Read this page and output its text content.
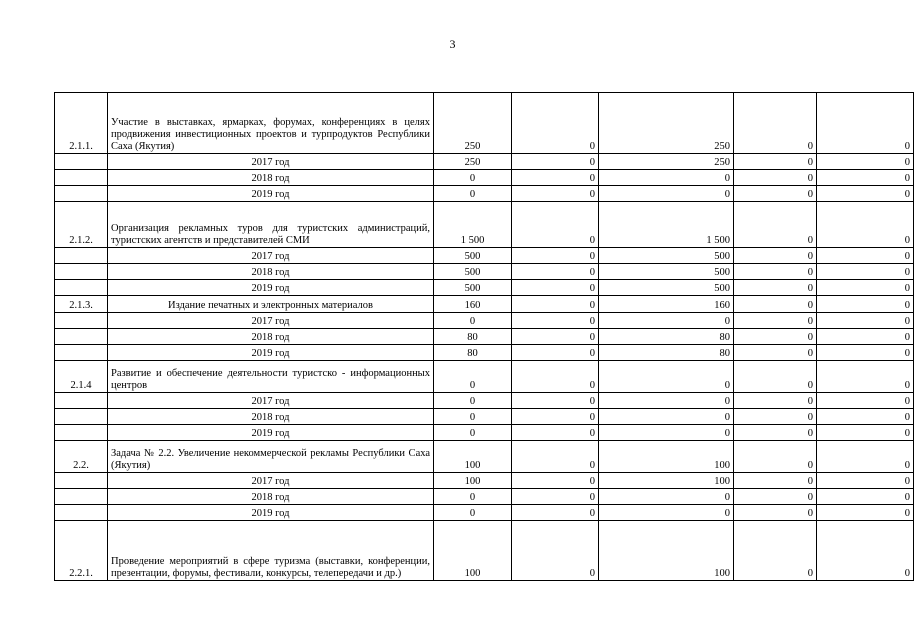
3
2.1.1.	Участие в выставках, ярмарках, форумах, конференциях в целях продвижения инвестиционных проектов и турпродуктов Республики Саха (Якутия)	250	0	250	0	0
	2017 год	250	0	250	0	0
	2018 год	0	0	0	0	0
	2019 год	0	0	0	0	0
2.1.2.	Организация рекламных туров для туристских администраций, туристских агентств и представителей СМИ	1 500	0	1 500	0	0
	2017 год	500	0	500	0	0
	2018 год	500	0	500	0	0
	2019 год	500	0	500	0	0
2.1.3.	Издание печатных и электронных материалов	160	0	160	0	0
	2017 год	0	0	0	0	0
	2018 год	80	0	80	0	0
	2019 год	80	0	80	0	0
2.1.4	Развитие и обеспечение деятельности туристско - информационных центров	0	0	0	0	0
	2017 год	0	0	0	0	0
	2018 год	0	0	0	0	0
	2019 год	0	0	0	0	0
2.2.	Задача № 2.2. Увеличение некоммерческой рекламы Республики Саха (Якутия)	100	0	100	0	0
	2017 год	100	0	100	0	0
	2018 год	0	0	0	0	0
	2019 год	0	0	0	0	0
2.2.1.	Проведение мероприятий в сфере туризма (выставки, конференции, презентации, форумы, фестивали, конкурсы, телепередачи и др.)	100	0	100	0	0
